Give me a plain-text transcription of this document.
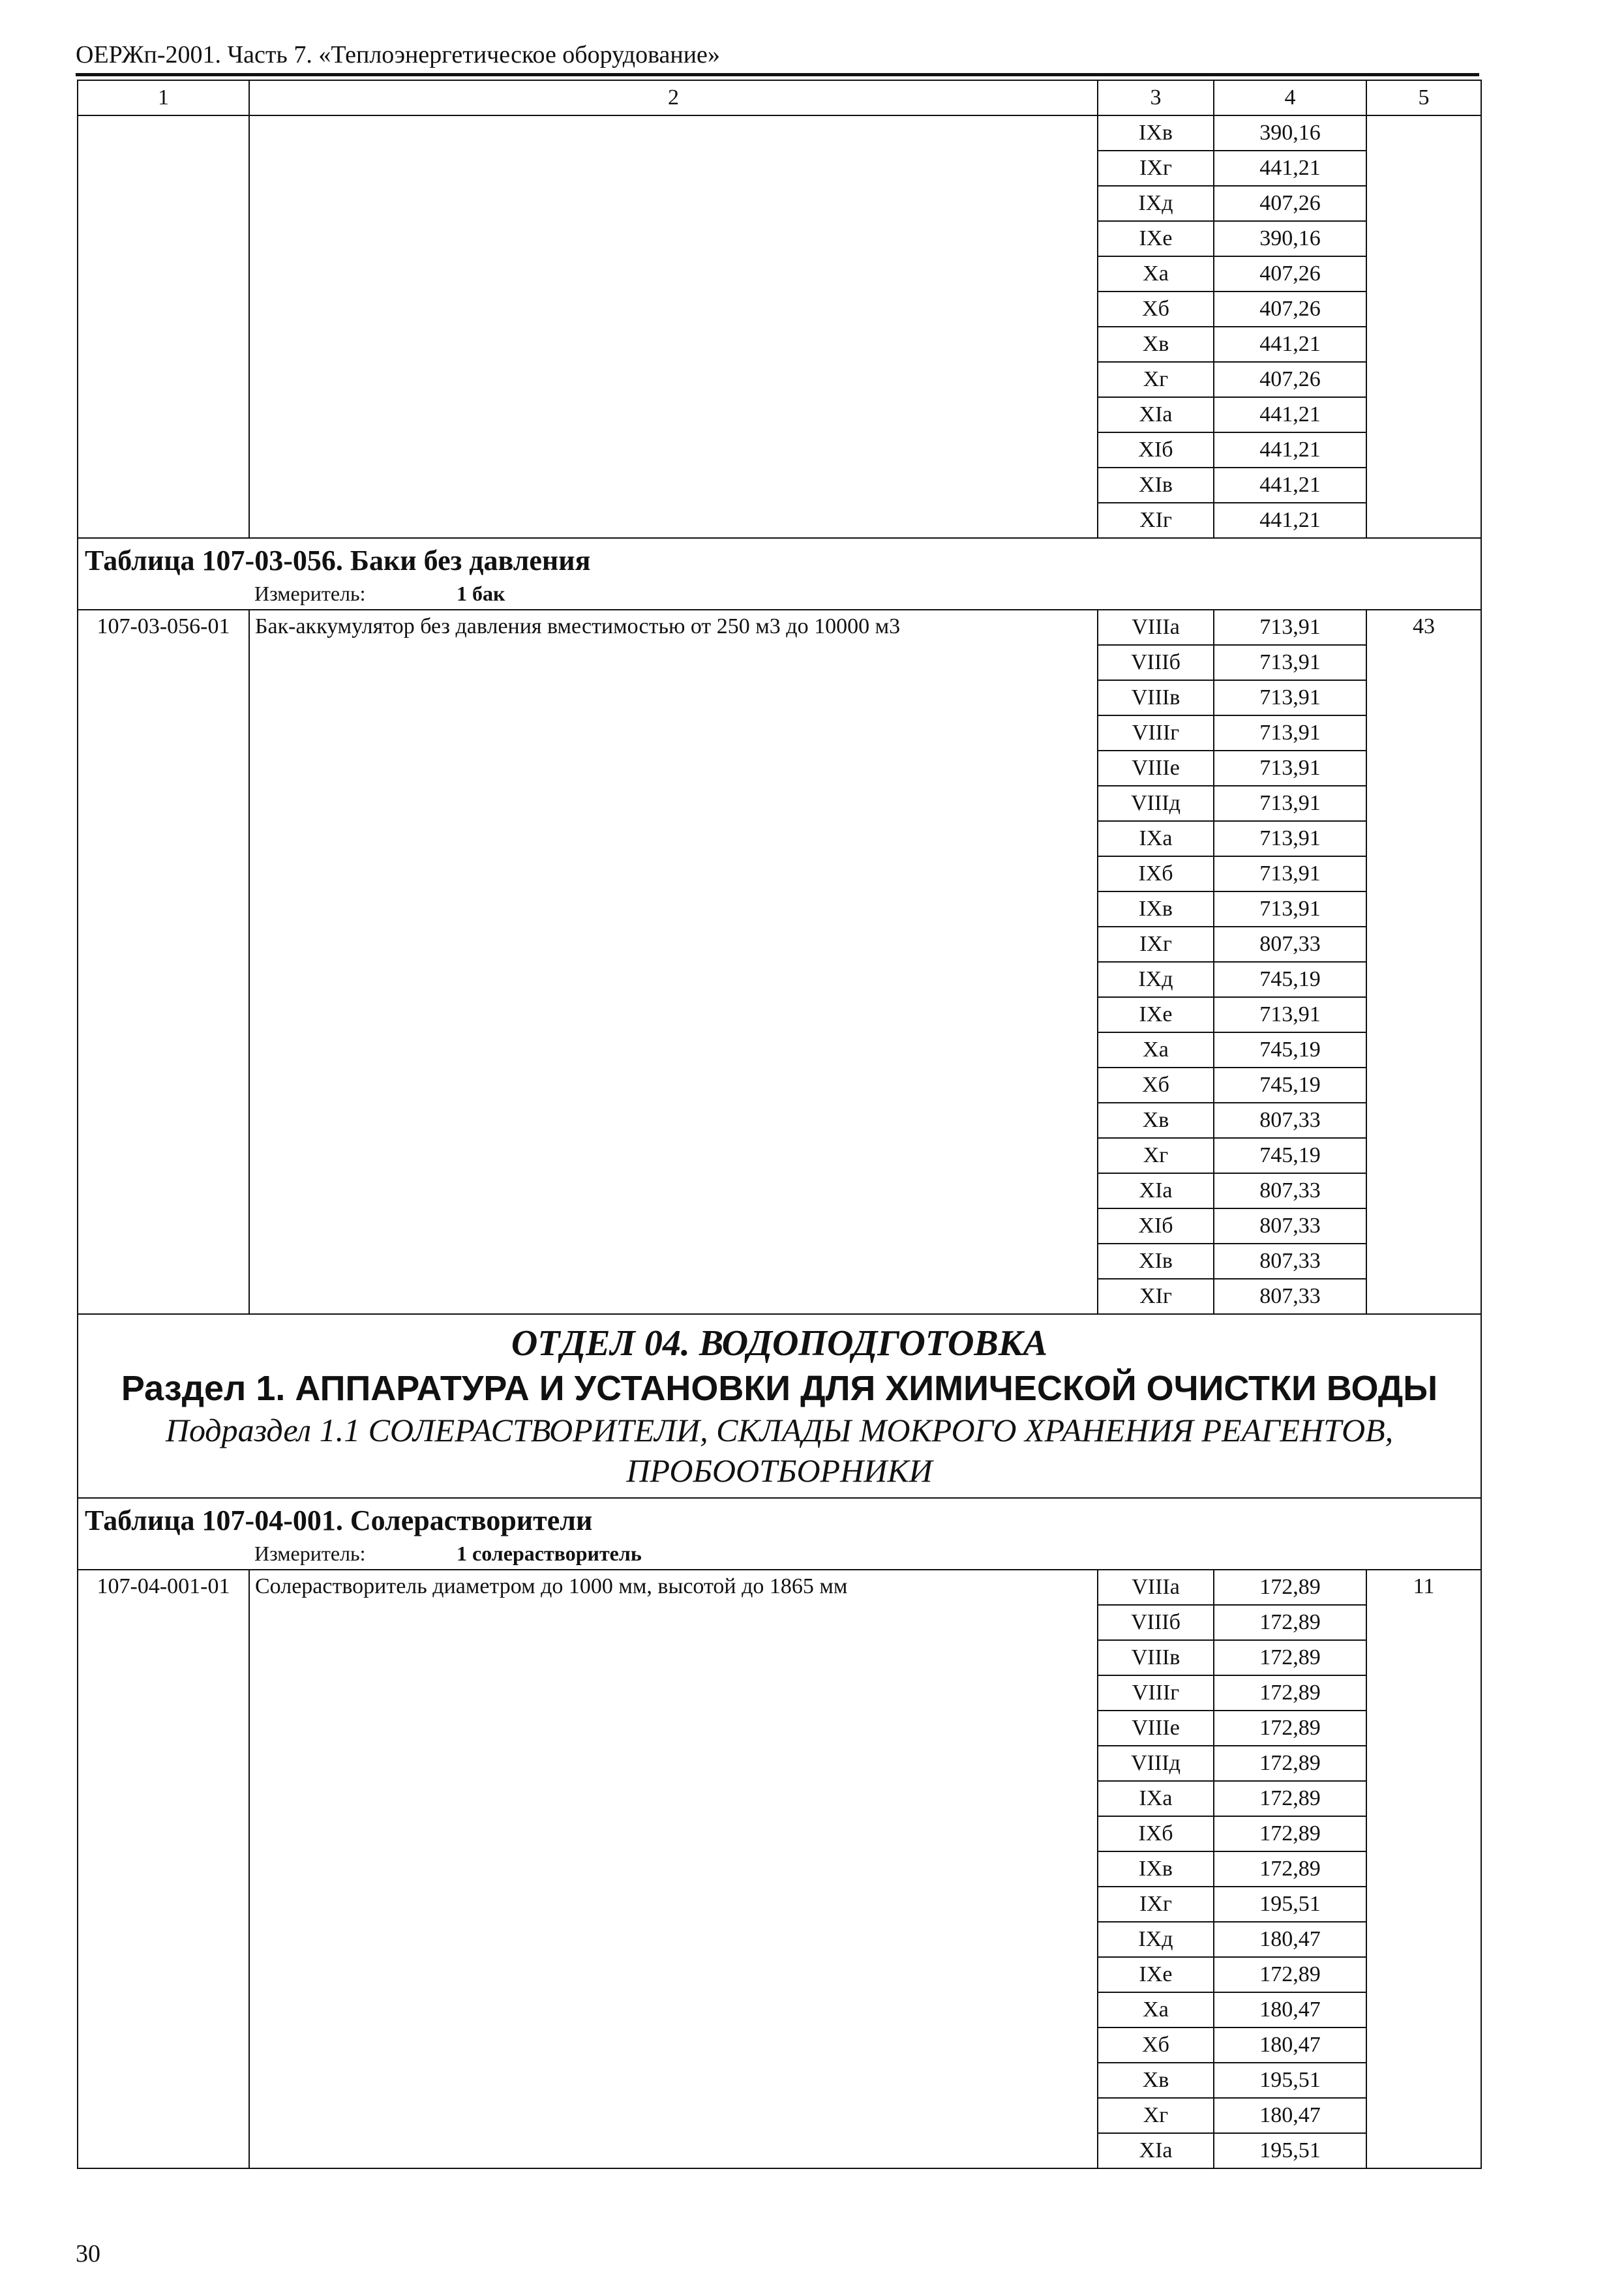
ОЕРЖп-2001. Часть 7. «Теплоэнергетическое оборудование»
1	2	3	4	5
		IXв	390,16	
		IXг	441,21	
		IXд	407,26	
		IXе	390,16	
		Xа	407,26	
		Xб	407,26	
		Xв	441,21	
		Xг	407,26	
		XIа	441,21	
		XIб	441,21	
		XIв	441,21	
		XIг	441,21	

Таблица 107-03-056. Баки без давления
Измеритель: 1 бак				

107-03-056-01	Бак-аккумулятор без давления вместимостью от 250 м3 до 10000 м3	VIIIа	713,91	43
		VIIIб	713,91	
		VIIIв	713,91	
		VIIIг	713,91	
		VIIIе	713,91	
		VIIIд	713,91	
		IXа	713,91	
		IXб	713,91	
		IXв	713,91	
		IXг	807,33	
		IXд	745,19	
		IXе	713,91	
		Xа	745,19	
		Xб	745,19	
		Xв	807,33	
		Xг	745,19	
		XIа	807,33	
		XIб	807,33	
		XIв	807,33	
		XIг	807,33	

ОТДЕЛ 04. ВОДОПОДГОТОВКА
Раздел 1. АППАРАТУРА И УСТАНОВКИ ДЛЯ ХИМИЧЕСКОЙ ОЧИСТКИ ВОДЫ
Подраздел 1.1 СОЛЕРАСТВОРИТЕЛИ, СКЛАДЫ МОКРОГО ХРАНЕНИЯ РЕАГЕНТОВ, ПРОБООТБОРНИКИ				

Таблица 107-04-001. Солерастворители
Измеритель: 1 солерастворитель				

107-04-001-01	Солерастворитель диаметром до 1000 мм, высотой до 1865 мм	VIIIа	172,89	11
		VIIIб	172,89	
		VIIIв	172,89	
		VIIIг	172,89	
		VIIIе	172,89	
		VIIIд	172,89	
		IXа	172,89	
		IXб	172,89	
		IXв	172,89	
		IXг	195,51	
		IXд	180,47	
		IXе	172,89	
		Xа	180,47	
		Xб	180,47	
		Xв	195,51	
		Xг	180,47	
		XIа	195,51	
30
